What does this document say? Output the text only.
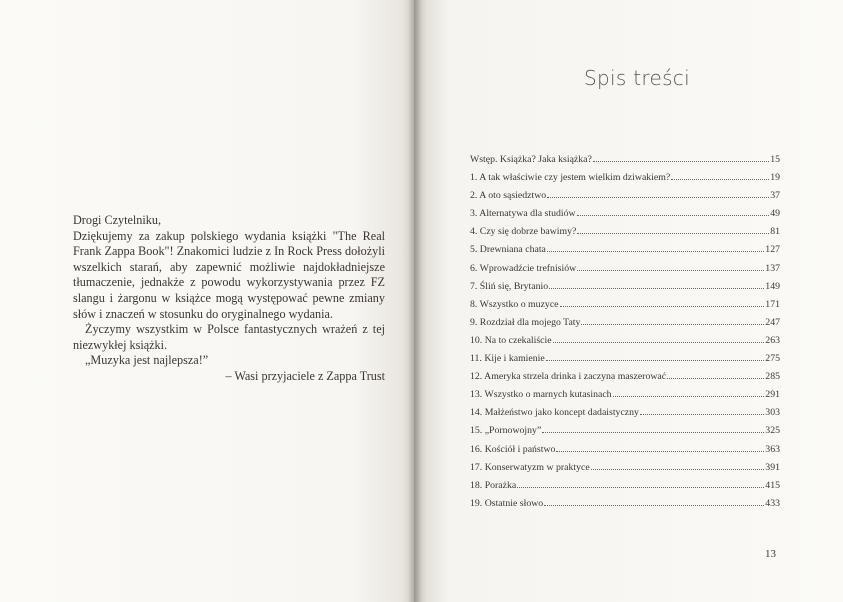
Drogi Czytelniku,

Dziękujemy za zakup polskiego wydania książki "The Real Frank Zappa Book"! Znakomici ludzie z In Rock Press dołożyli wszelkich starań, aby zapewnić możliwie najdokładniejsze tłumaczenie, jednakże z powodu wykorzystywania przez FZ slangu i żargonu w książce mogą występować pewne zmiany słów i znaczeń w stosunku do oryginalnego wydania.

Życzymy wszystkim w Polsce fantastycznych wrażeń z tej niezwykłej książki.

„Muzyka jest najlepsza!”

– Wasi przyjaciele z Zappa Trust

Spis treści
Wstęp. Książka? Jaka książka?	15
1. A tak właściwie czy jestem wielkim dziwakiem?	19
2. A oto sąsiedztwo	37
3. Alternatywa dla studiów	49
4. Czy się dobrze bawimy?	81
5. Drewniana chata	127
6. Wprowadźcie trefnisiów	137
7. Śliń się, Brytanio	149
8. Wszystko o muzyce	171
9. Rozdział dla mojego Taty	247
10. Na to czekaliście	263
11. Kije i kamienie	275
12. Ameryka strzela drinka i zaczyna maszerować	285
13. Wszystko o marnych kutasinach	291
14. Małżeństwo jako koncept dadaistyczny	303
15. „Pornowojny”	325
16. Kościół i państwo	363
17. Konserwatyzm w praktyce	391
18. Porażka	415
19. Ostatnie słowo	433
13
